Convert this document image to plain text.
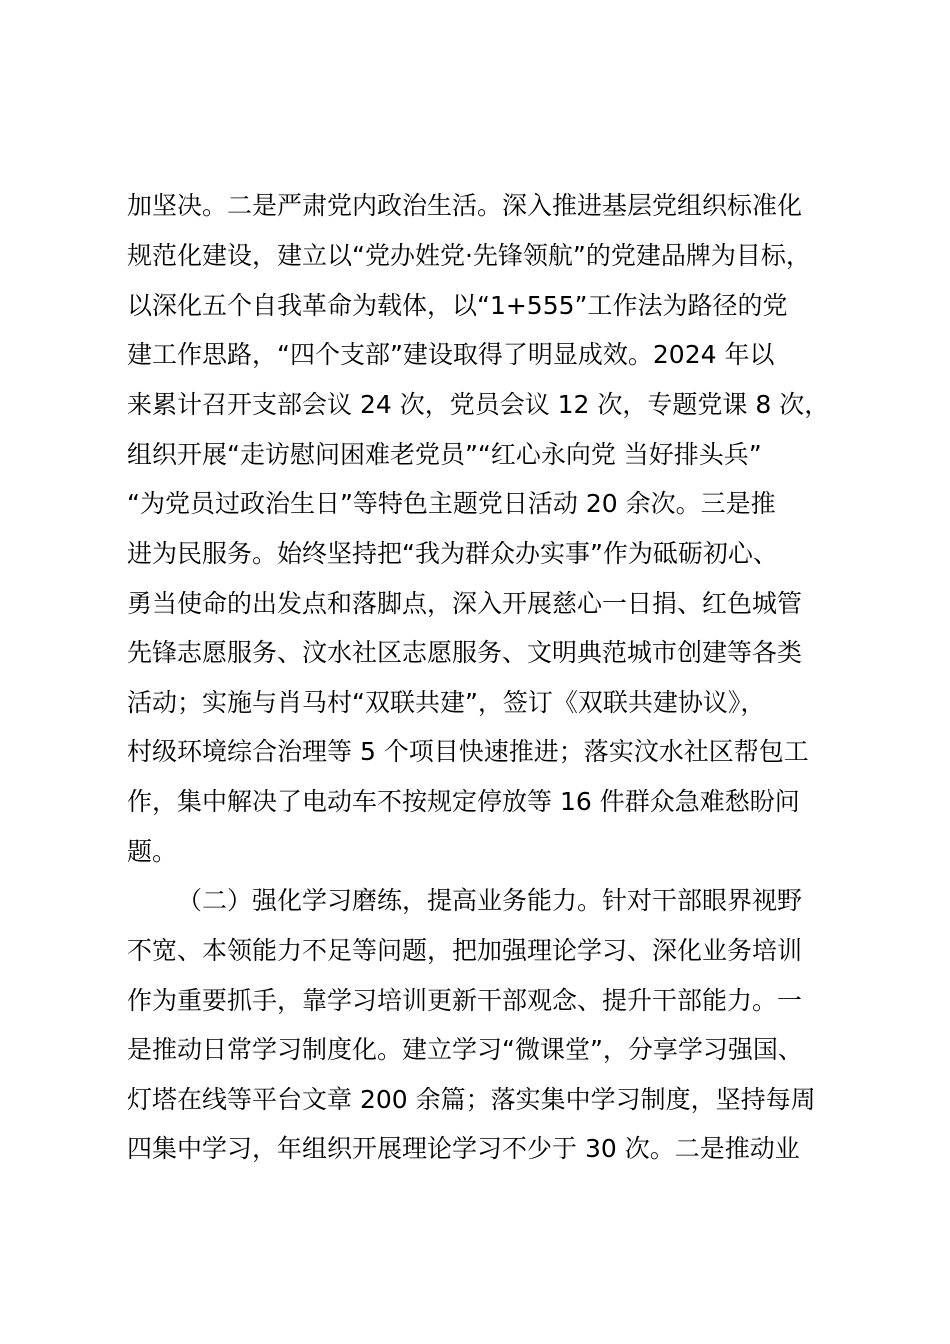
加坚决。二是严肃党内政治生活。深入推进基层党组织标准化
规范化建设，建立以“党办姓党·先锋领航”的党建品牌为目标，
以深化五个自我革命为载体，以“1+555”工作法为路径的党
建工作思路，“四个支部”建设取得了明显成效。2024 年以
来累计召开支部会议 24 次，党员会议 12 次，专题党课 8 次，
组织开展“走访慰问困难老党员”“红心永向党 当好排头兵”
“为党员过政治生日”等特色主题党日活动 20 余次。三是推
进为民服务。始终坚持把“我为群众办实事”作为砥砺初心、
勇当使命的出发点和落脚点，深入开展慈心一日捐、红色城管
先锋志愿服务、汶水社区志愿服务、文明典范城市创建等各类
活动；实施与肖马村“双联共建”，签订《双联共建协议》，
村级环境综合治理等 5 个项目快速推进；落实汶水社区帮包工
作，集中解决了电动车不按规定停放等 16 件群众急难愁盼问
题。
（二）强化学习磨练，提高业务能力。针对干部眼界视野
不宽、本领能力不足等问题，把加强理论学习、深化业务培训
作为重要抓手，靠学习培训更新干部观念、提升干部能力。一
是推动日常学习制度化。建立学习“微课堂”，分享学习强国、
灯塔在线等平台文章 200 余篇；落实集中学习制度，坚持每周
四集中学习，年组织开展理论学习不少于 30 次。二是推动业
